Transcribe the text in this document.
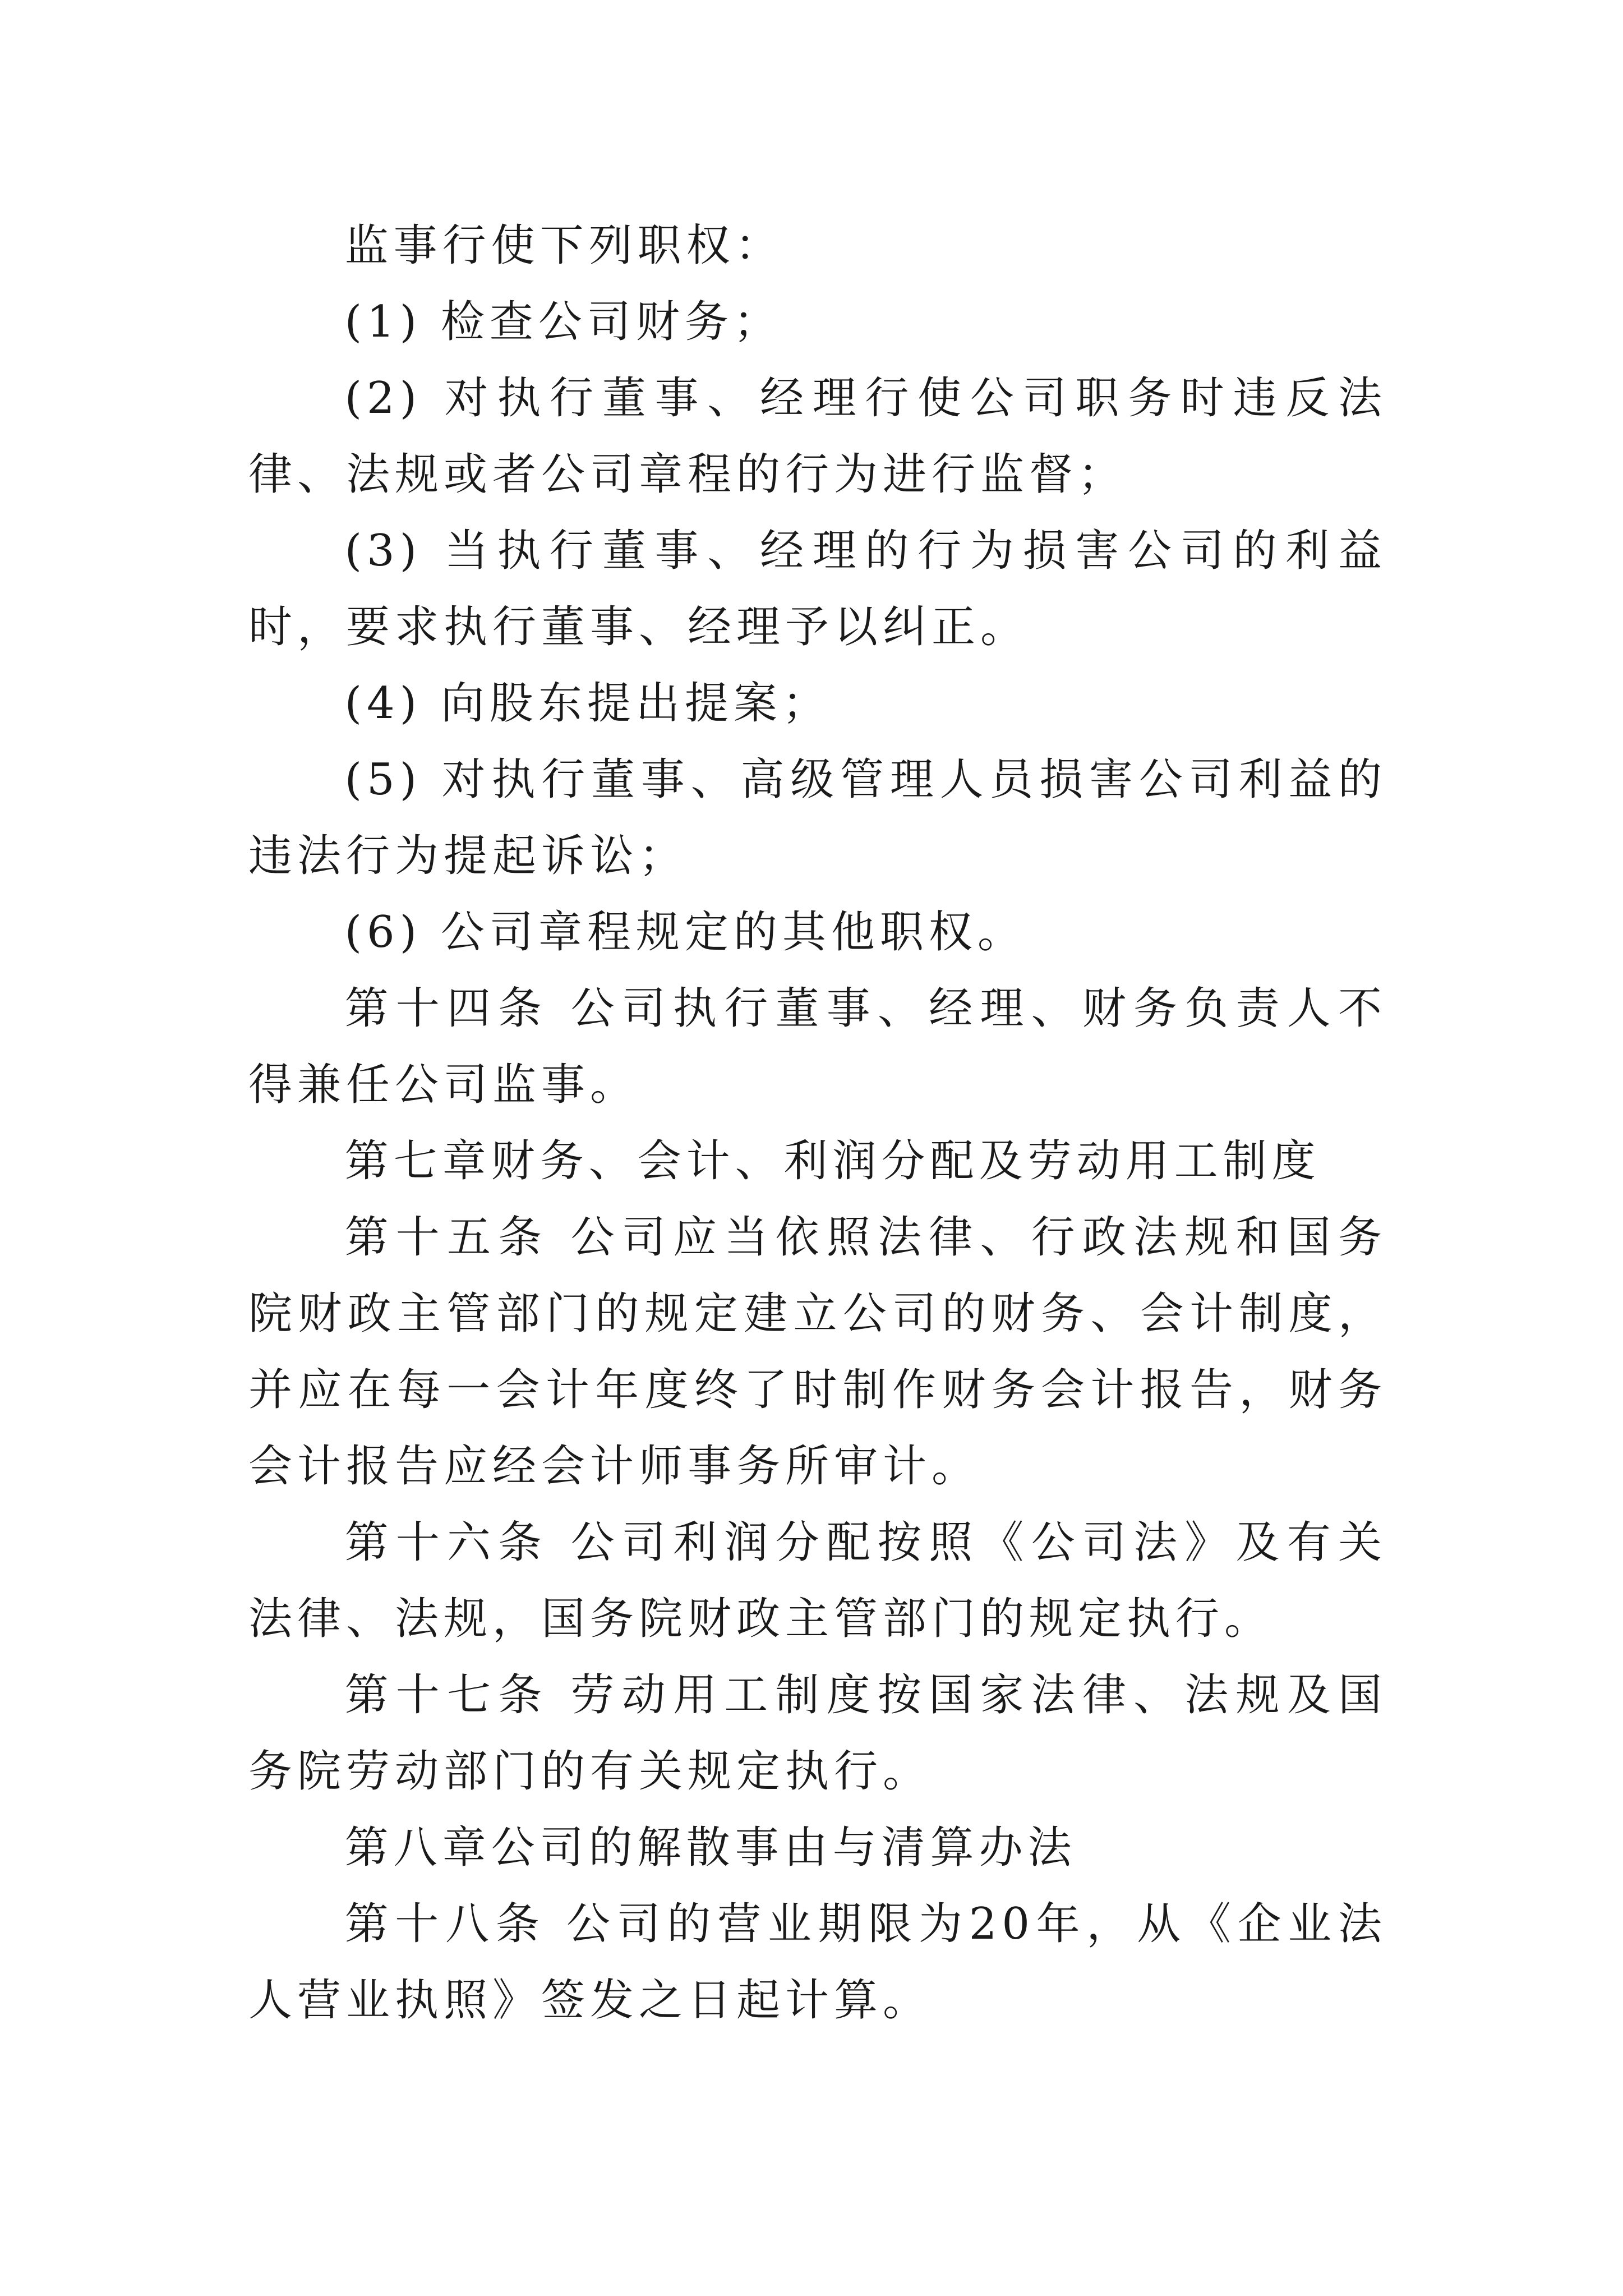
监事行使下列职权：

(1) 检查公司财务；

(2) 对执行董事、经理行使公司职务时违反法律、法规或者公司章程的行为进行监督；

(3) 当执行董事、经理的行为损害公司的利益时，要求执行董事、经理予以纠正。

(4) 向股东提出提案；

(5) 对执行董事、高级管理人员损害公司利益的违法行为提起诉讼；

(6) 公司章程规定的其他职权。

第十四条 公司执行董事、经理、财务负责人不得兼任公司监事。

第七章财务、会计、利润分配及劳动用工制度

第十五条 公司应当依照法律、行政法规和国务院财政主管部门的规定建立公司的财务、会计制度，并应在每一会计年度终了时制作财务会计报告，财务会计报告应经会计师事务所审计。

第十六条 公司利润分配按照《公司法》及有关法律、法规，国务院财政主管部门的规定执行。

第十七条 劳动用工制度按国家法律、法规及国务院劳动部门的有关规定执行。

第八章公司的解散事由与清算办法

第十八条 公司的营业期限为20年，从《企业法人营业执照》签发之日起计算。
